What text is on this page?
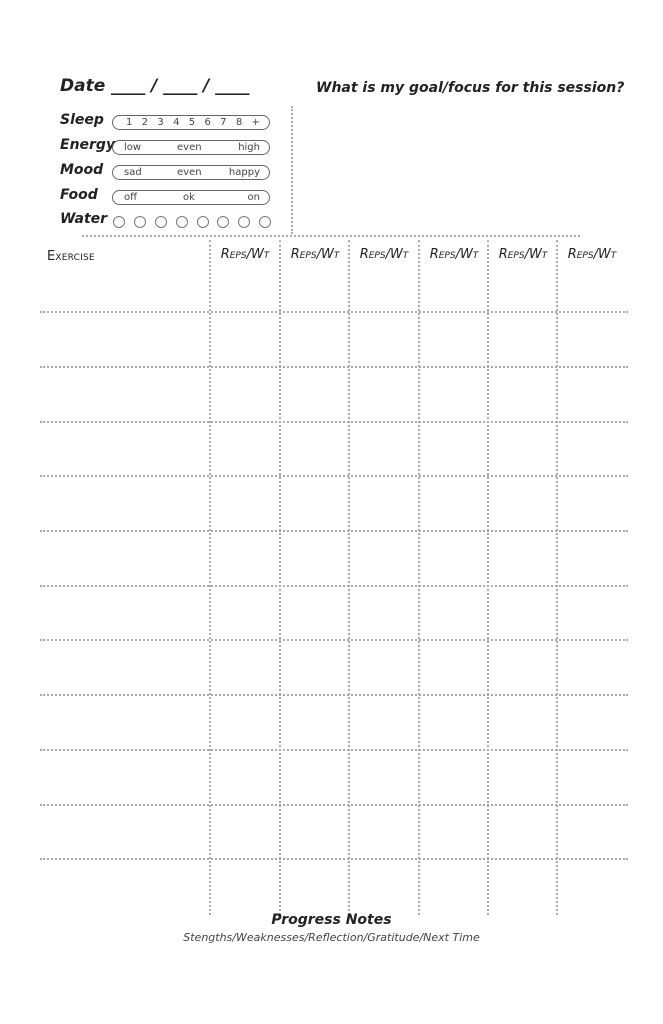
Date ____ / ____ / ____	What is my goal/focus for this session?
Sleep	1 2 3 4 5 6 7 8 +
Energy low	even	high
Mood	sad	even	happy
Food	off	ok	on
Water
Exercise	Reps/Wt	Reps/Wt	Reps/Wt	Reps/Wt	Reps/Wt	Reps/Wt
Progress Notes
Stengths/Weaknesses/Reflection/Gratitude/Next Time
